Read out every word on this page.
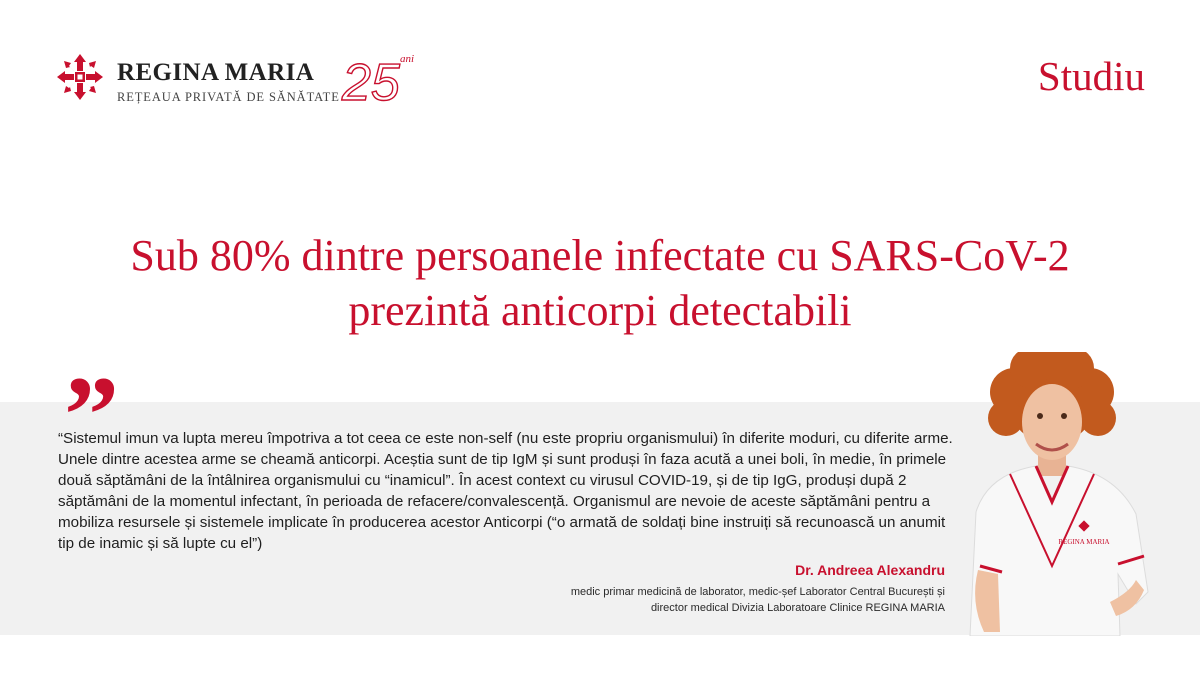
REGINA MARIA
REȚEAUA PRIVATĂ DE SĂNĂTATE 25 ani	Studiu
Sub 80% dintre persoanele infectate cu SARS-CoV-2
prezintă anticorpi detectabili
”
“Sistemul imun va lupta mereu împotriva a tot ceea ce este non-self (nu este propriu organismului) în diferite moduri, cu diferite arme. Unele dintre acestea arme se cheamă anticorpi. Aceștia sunt de tip IgM și sunt produși în faza acută a unei boli, în medie, în primele două săptămâni de la întâlnirea organismului cu “inamicul”. În acest context cu virusul COVID-19, și de tip IgG, produși după 2 săptămâni de la momentul infectant, în perioada de refacere/convalescență. Organismul are nevoie de aceste săptămâni pentru a mobiliza resursele și sistemele implicate în producerea acestor Anticorpi (“o armată de soldați bine instruiți să recunoască un anumit tip de inamic și să lupte cu el”)
Dr. Andreea Alexandru
medic primar medicină de laborator, medic-șef Laborator Central București și
director medical Divizia Laboratoare Clinice REGINA MARIA
REGINA MARIA
